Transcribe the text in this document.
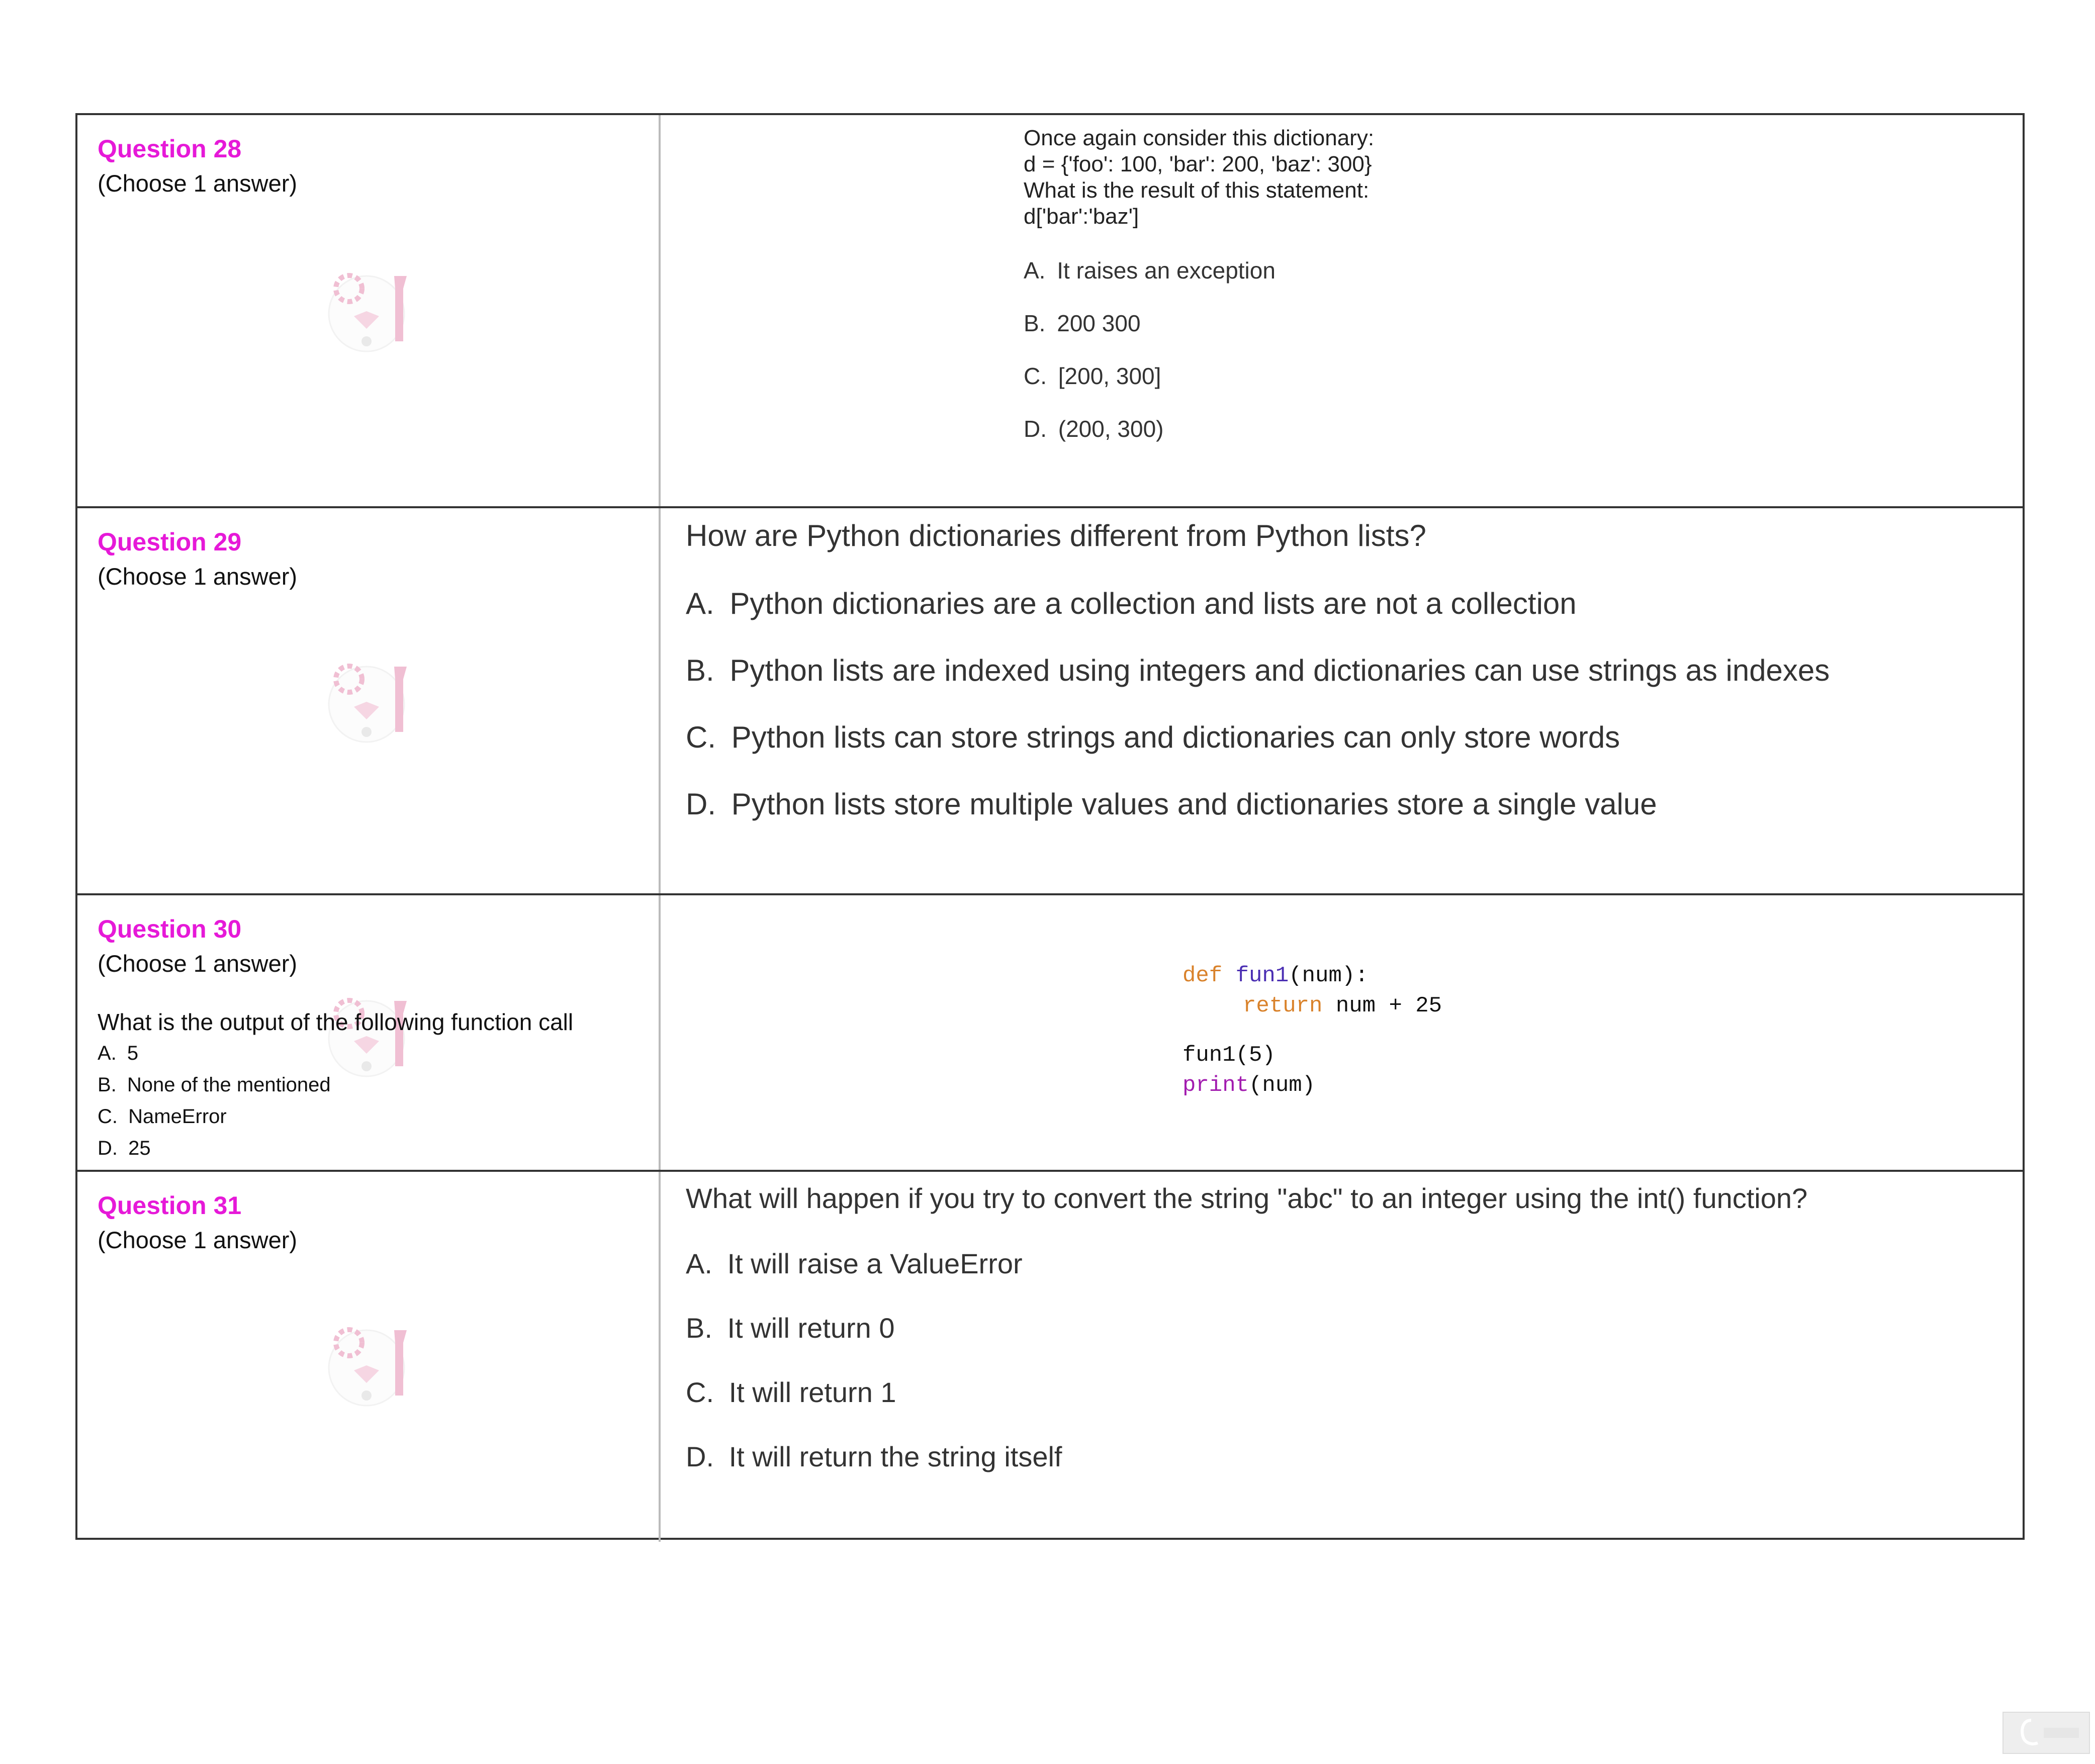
Question 28
(Choose 1 answer)
Once again consider this dictionary:
d = {'foo': 100, 'bar': 200, 'baz': 300}
What is the result of this statement:
d['bar':'baz']
A. It raises an exception
B. 200 300
C. [200, 300]
D. (200, 300)
Question 29
(Choose 1 answer)
How are Python dictionaries different from Python lists?
A. Python dictionaries are a collection and lists are not a collection
B. Python lists are indexed using integers and dictionaries can use strings as indexes
C. Python lists can store strings and dictionaries can only store words
D. Python lists store multiple values and dictionaries store a single value
Question 30
(Choose 1 answer)
What is the output of the following function call
A. 5
B. None of the mentioned
C. NameError
D. 25
def fun1(num):
return num + 25
fun1(5)
print(num)
Question 31
(Choose 1 answer)
What will happen if you try to convert the string "abc" to an integer using the int() function?
A. It will raise a ValueError
B. It will return 0
C. It will return 1
D. It will return the string itself
